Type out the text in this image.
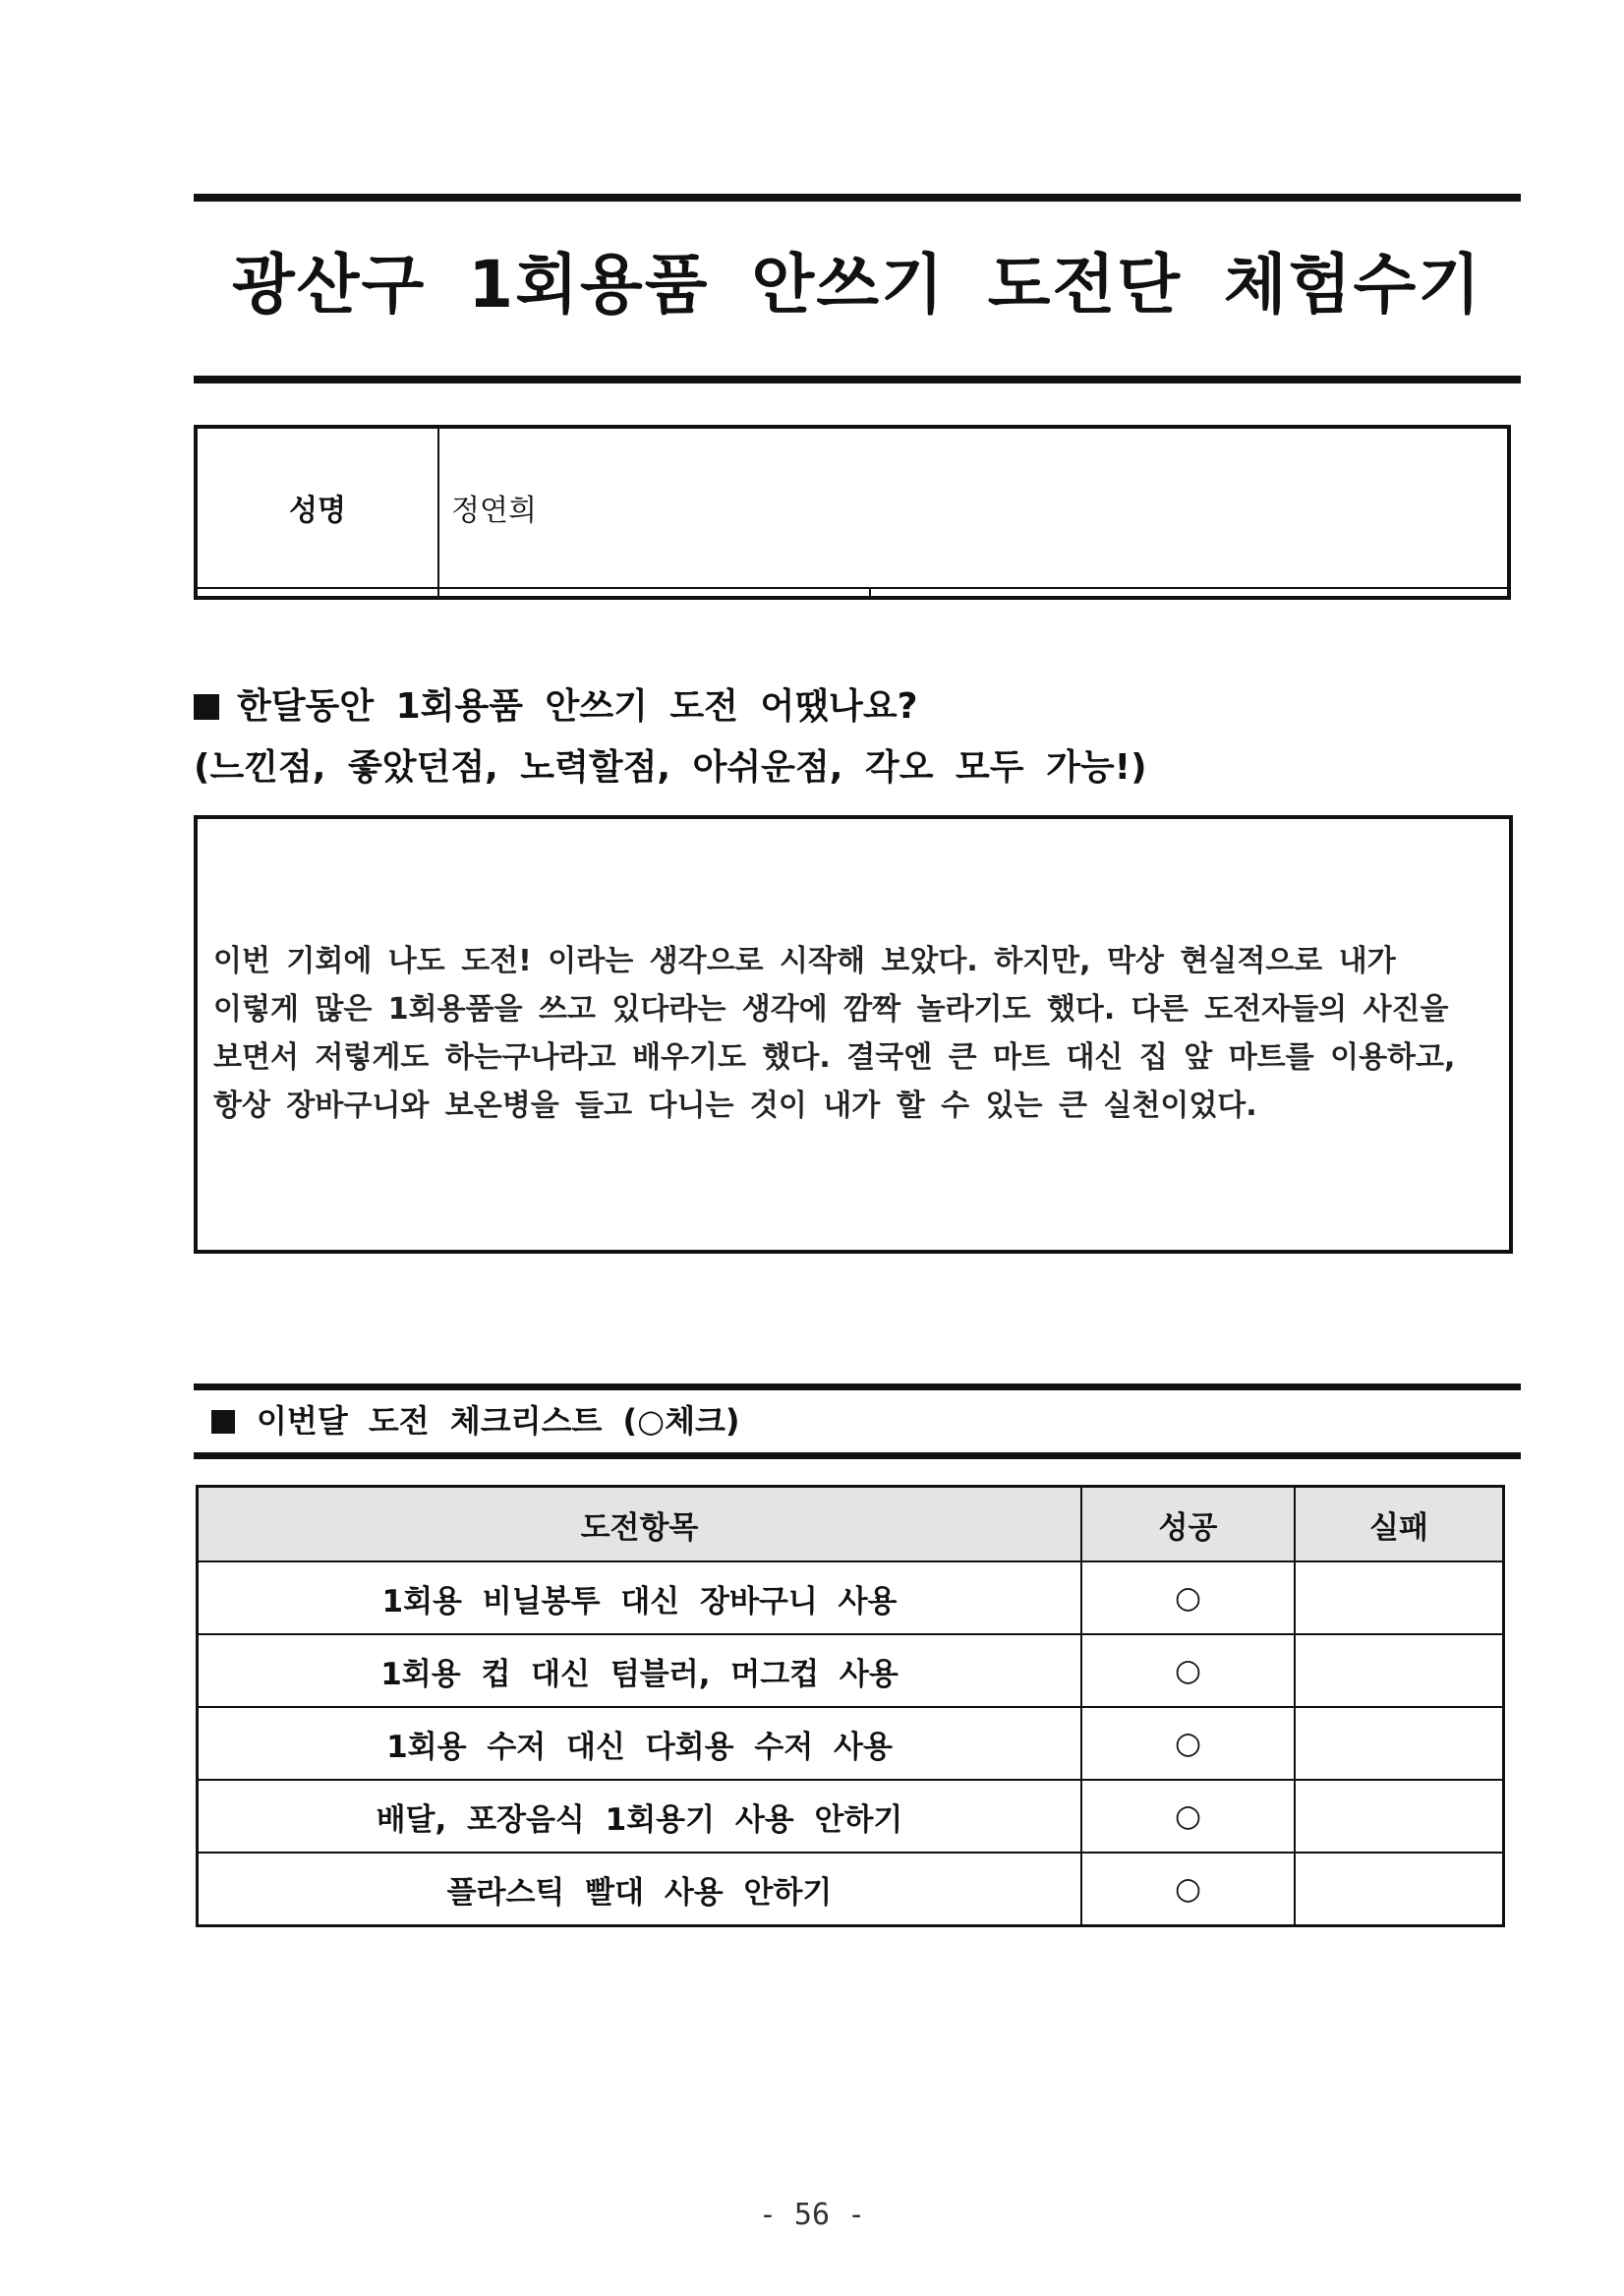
광산구 1회용품 안쓰기 도전단 체험수기
성명	정연희	

한달동안 1회용품 안쓰기 도전 어땠나요?
(느낀점, 좋았던점, 노력할점, 아쉬운점, 각오 모두 가능!)
이번 기회에 나도 도전! 이라는 생각으로 시작해 보았다. 하지만, 막상 현실적으로 내가
이렇게 많은 1회용품을 쓰고 있다라는 생각에 깜짝 놀라기도 했다. 다른 도전자들의 사진을
보면서 저렇게도 하는구나라고 배우기도 했다. 결국엔 큰 마트 대신 집 앞 마트를 이용하고,
항상 장바구니와 보온병을 들고 다니는 것이 내가 할 수 있는 큰 실천이었다.
이번달 도전 체크리스트 (○체크)
도전항목	성공	실패
1회용 비닐봉투 대신 장바구니 사용	○	
1회용 컵 대신 텀블러, 머그컵 사용	○	
1회용 수저 대신 다회용 수저 사용	○	
배달, 포장음식 1회용기 사용 안하기	○	
플라스틱 빨대 사용 안하기	○	
- 56 -
